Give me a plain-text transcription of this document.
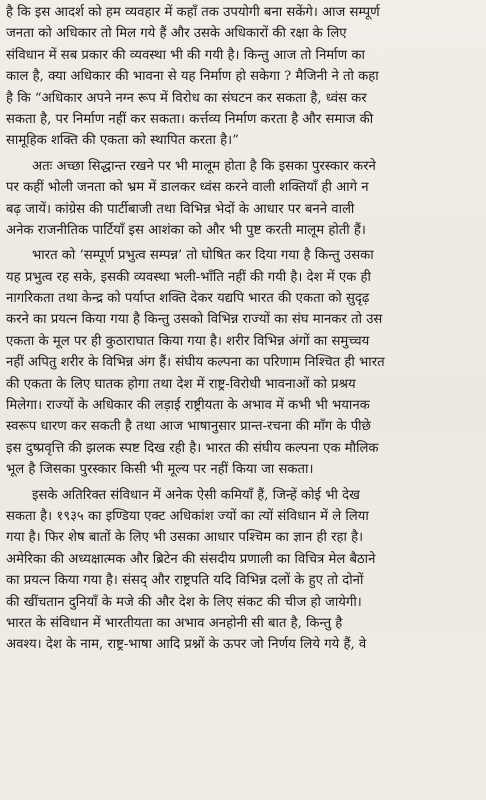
है कि इस आदर्श को हम व्यवहार में कहाँ तक उपयोगी बना सकेंगे। आज सम्पूर्ण
जनता को अधिकार तो मिल गये हैं और उसके अधिकारों की रक्षा के लिए
संविधान में सब प्रकार की व्यवस्था भी की गयी है। किन्तु आज तो निर्माण का
काल है, क्या अधिकार की भावना से यह निर्माण हो सकेगा ? मैजिनी ने तो कहा
है कि “अधिकार अपने नग्न रूप में विरोध का संघटन कर सकता है, ध्वंस कर
सकता है, पर निर्माण नहीं कर सकता। कर्त्तव्य निर्माण करता है और समाज की
सामूहिक शक्ति की एकता को स्थापित करता है।”

अतः अच्छा सिद्धान्त रखने पर भी मालूम होता है कि इसका पुरस्कार करने
पर कहीं भोली जनता को भ्रम में डालकर ध्वंस करने वाली शक्तियाँ ही आगे न
बढ़ जायें। कांग्रेस की पार्टीबाजी तथा विभिन्न भेदों के आधार पर बनने वाली
अनेक राजनीतिक पार्टियाँ इस आशंका को और भी पुष्ट करती मालूम होती हैं।

भारत को ‘सम्पूर्ण प्रभुत्व सम्पन्न’ तो घोषित कर दिया गया है किन्तु उसका
यह प्रभुत्व रह सके, इसकी व्यवस्था भली-भाँति नहीं की गयी है। देश में एक ही
नागरिकता तथा केन्द्र को पर्याप्त शक्ति देकर यद्यपि भारत की एकता को सुदृढ़
करने का प्रयत्न किया गया है किन्तु उसको विभिन्न राज्यों का संघ मानकर तो उस
एकता के मूल पर ही कुठाराघात किया गया है। शरीर विभिन्न अंगों का समुच्चय
नहीं अपितु शरीर के विभिन्न अंग हैं। संघीय कल्पना का परिणाम निश्चित ही भारत
की एकता के लिए घातक होगा तथा देश में राष्ट्र-विरोधी भावनाओं को प्रश्रय
मिलेगा। राज्यों के अधिकार की लड़ाई राष्ट्रीयता के अभाव में कभी भी भयानक
स्वरूप धारण कर सकती है तथा आज भाषानुसार प्रान्त-रचना की माँग के पीछे
इस दुष्प्रवृत्ति की झलक स्पष्ट दिख रही है। भारत की संघीय कल्पना एक मौलिक
भूल है जिसका पुरस्कार किसी भी मूल्य पर नहीं किया जा सकता।

इसके अतिरिक्त संविधान में अनेक ऐसी कमियाँ हैं, जिन्हें कोई भी देख
सकता है। १९३५ का इण्डिया एक्ट अधिकांश ज्यों का त्यों संविधान में ले लिया
गया है। फिर शेष बातों के लिए भी उसका आधार पश्चिम का ज्ञान ही रहा है।
अमेरिका की अध्यक्षात्मक और ब्रिटेन की संसदीय प्रणाली का विचित्र मेल बैठाने
का प्रयत्न किया गया है। संसद् और राष्ट्रपति यदि विभिन्न दलों के हुए तो दोनों
की खींचतान दुनियाँ के मजे की और देश के लिए संकट की चीज हो जायेगी।
भारत के संविधान में भारतीयता का अभाव अनहोनी सी बात है, किन्तु है
अवश्य। देश के नाम, राष्ट्र-भाषा आदि प्रश्नों के ऊपर जो निर्णय लिये गये हैं, वे
